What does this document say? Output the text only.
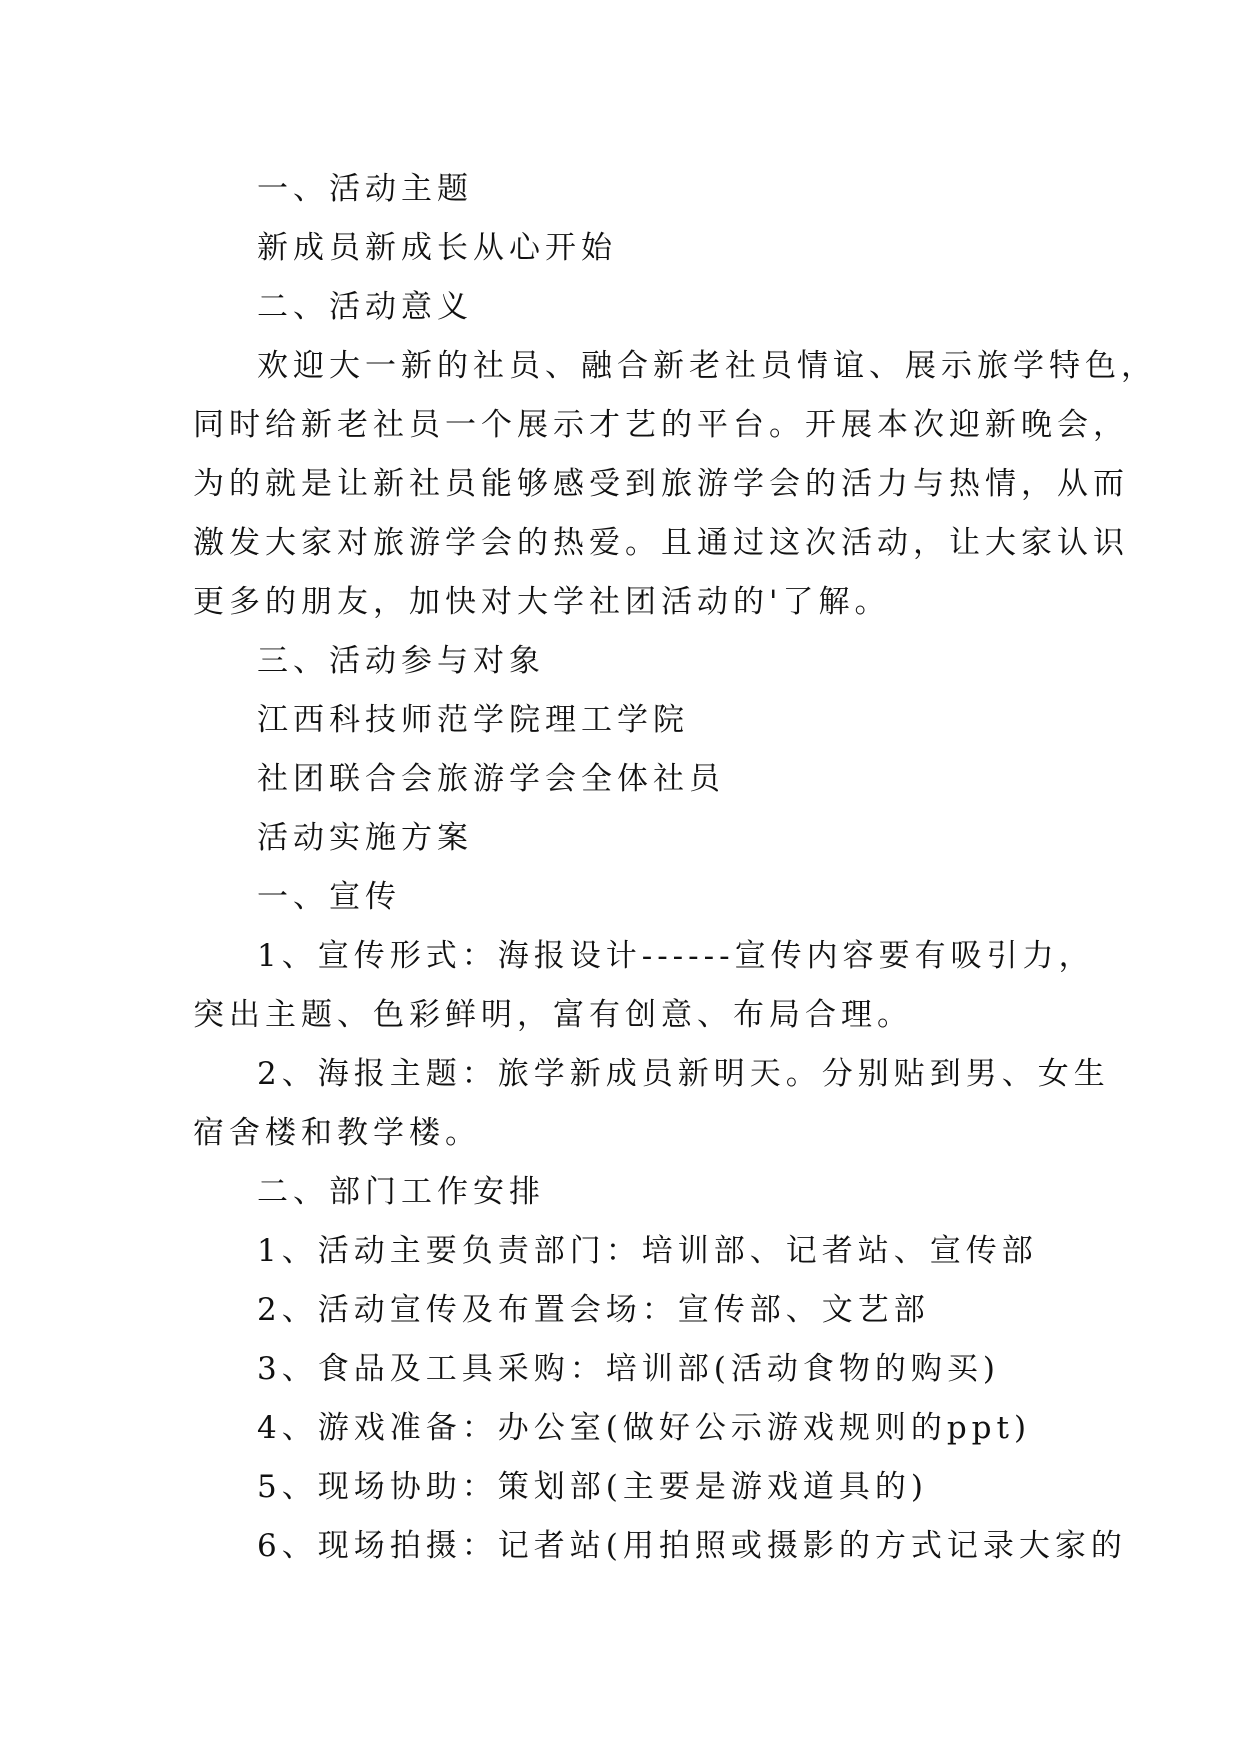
一、活动主题
新成员新成长从心开始
二、活动意义
欢迎大一新的社员、融合新老社员情谊、展示旅学特色，
同时给新老社员一个展示才艺的平台。开展本次迎新晚会，
为的就是让新社员能够感受到旅游学会的活力与热情，从而
激发大家对旅游学会的热爱。且通过这次活动，让大家认识
更多的朋友，加快对大学社团活动的'了解。
三、活动参与对象
江西科技师范学院理工学院
社团联合会旅游学会全体社员
活动实施方案
一、宣传
1、宣传形式：海报设计------宣传内容要有吸引力，
突出主题、色彩鲜明，富有创意、布局合理。
2、海报主题：旅学新成员新明天。分别贴到男、女生
宿舍楼和教学楼。
二、部门工作安排
1、活动主要负责部门：培训部、记者站、宣传部
2、活动宣传及布置会场：宣传部、文艺部
3、食品及工具采购：培训部(活动食物的购买)
4、游戏准备：办公室(做好公示游戏规则的ppt)
5、现场协助：策划部(主要是游戏道具的)
6、现场拍摄：记者站(用拍照或摄影的方式记录大家的
